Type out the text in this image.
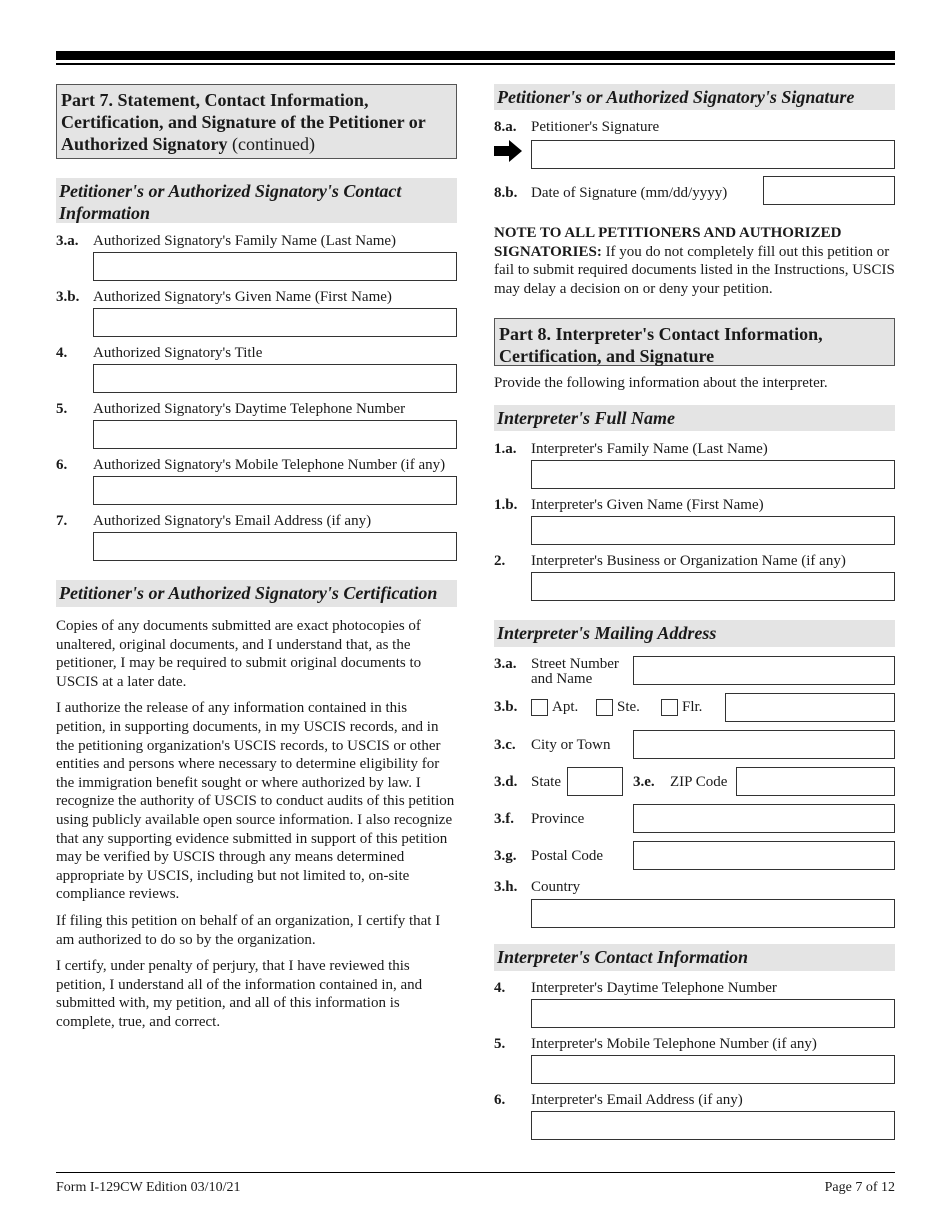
Part 7. Statement, Contact Information, Certification, and Signature of the Petitioner or Authorized Signatory (continued)
Petitioner's or Authorized Signatory's Contact Information
3.a. Authorized Signatory's Family Name (Last Name)
3.b. Authorized Signatory's Given Name (First Name)
4. Authorized Signatory's Title
5. Authorized Signatory's Daytime Telephone Number
6. Authorized Signatory's Mobile Telephone Number (if any)
7. Authorized Signatory's Email Address (if any)
Petitioner's or Authorized Signatory's Certification

Copies of any documents submitted are exact photocopies of unaltered, original documents, and I understand that, as the petitioner, I may be required to submit original documents to USCIS at a later date.

I authorize the release of any information contained in this petition, in supporting documents, in my USCIS records, and in the petitioning organization's USCIS records, to USCIS or other entities and persons where necessary to determine eligibility for the immigration benefit sought or where authorized by law. I recognize the authority of USCIS to conduct audits of this petition using publicly available open source information. I also recognize that any supporting evidence submitted in support of this petition may be verified by USCIS through any means determined appropriate by USCIS, including but not limited to, on-site compliance reviews.

If filing this petition on behalf of an organization, I certify that I am authorized to do so by the organization.

I certify, under penalty of perjury, that I have reviewed this petition, I understand all of the information contained in, and submitted with, my petition, and all of this information is complete, true, and correct.

Petitioner's or Authorized Signatory's Signature
8.a. Petitioner's Signature
8.b. Date of Signature (mm/dd/yyyy)

NOTE TO ALL PETITIONERS AND AUTHORIZED SIGNATORIES: If you do not completely fill out this petition or fail to submit required documents listed in the Instructions, USCIS may delay a decision on or deny your petition.

Part 8. Interpreter's Contact Information, Certification, and Signature

Provide the following information about the interpreter.

Interpreter's Full Name
1.a. Interpreter's Family Name (Last Name)
1.b. Interpreter's Given Name (First Name)
2. Interpreter's Business or Organization Name (if any)
Interpreter's Mailing Address
3.a. Street Number
and Name
3.b. Apt.	Ste.	Flr.
3.c. City or Town
3.d. State	3.e. ZIP Code
3.f. Province
3.g. Postal Code
3.h. Country
Interpreter's Contact Information
4. Interpreter's Daytime Telephone Number
5. Interpreter's Mobile Telephone Number (if any)
6. Interpreter's Email Address (if any)
Form I-129CW Edition 03/10/21	Page 7 of 12
